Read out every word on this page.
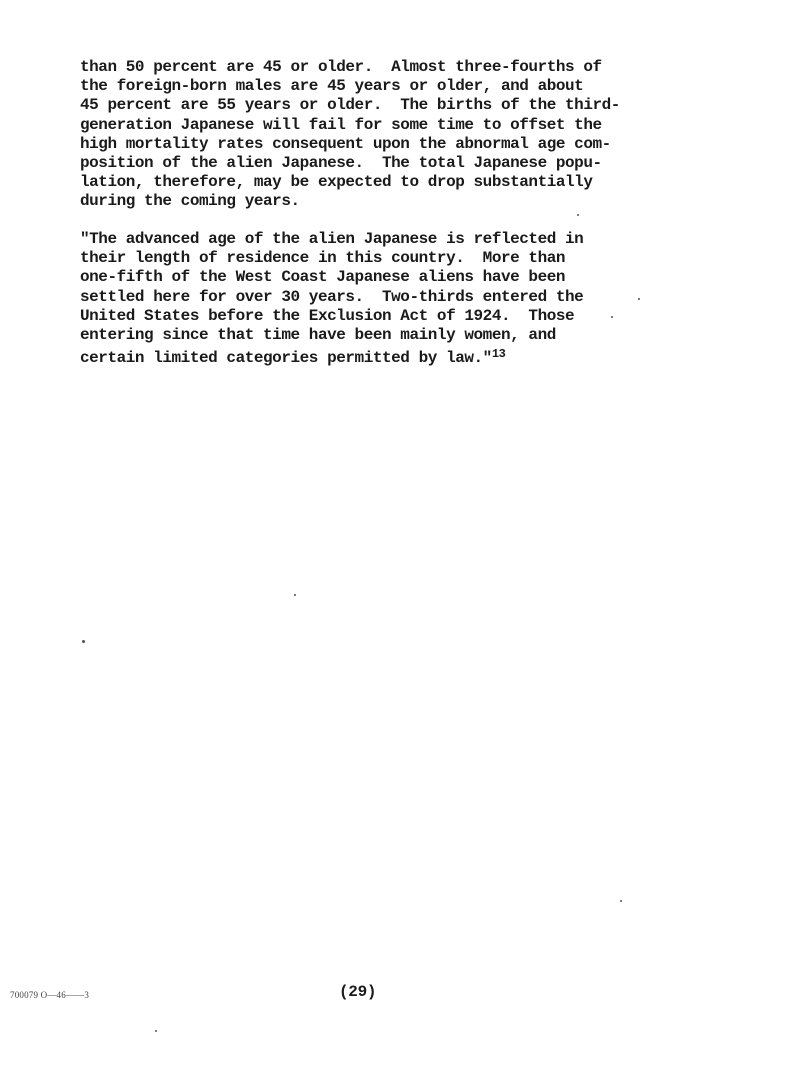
than 50 percent are 45 or older.  Almost three-fourths of
the foreign-born males are 45 years or older, and about
45 percent are 55 years or older.  The births of the third-
generation Japanese will fail for some time to offset the
high mortality rates consequent upon the abnormal age com-
position of the alien Japanese.  The total Japanese popu-
lation, therefore, may be expected to drop substantially
during the coming years.
"The advanced age of the alien Japanese is reflected in
their length of residence in this country.  More than
one-fifth of the West Coast Japanese aliens have been
settled here for over 30 years.  Two-thirds entered the
United States before the Exclusion Act of 1924.  Those
entering since that time have been mainly women, and
certain limited categories permitted by law."$^{13}$
700079 O—46——3	(29)
